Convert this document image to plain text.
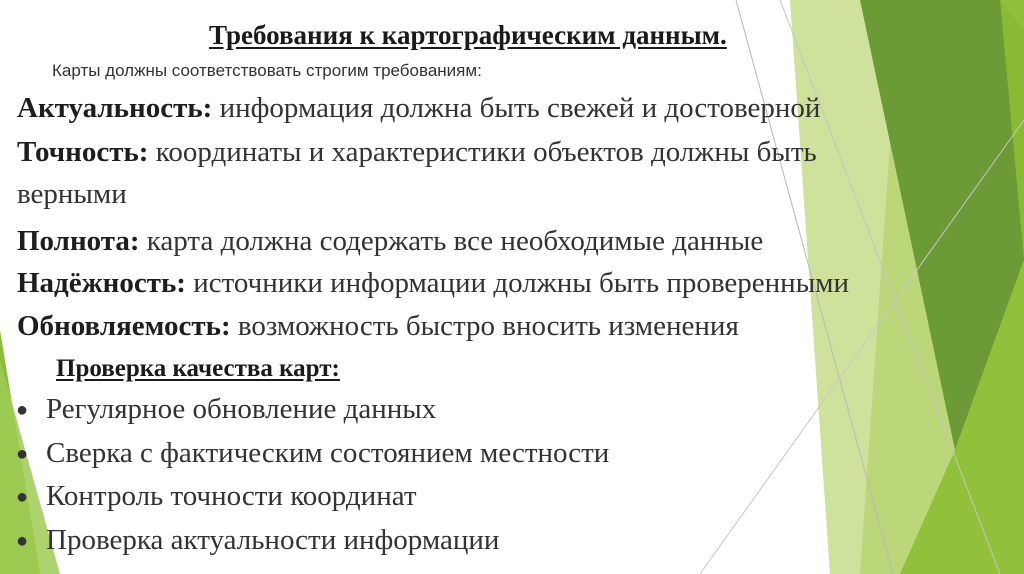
Требования к картографическим данным.
Карты должны соответствовать строгим требованиям:
Актуальность: информация должна быть свежей и достоверной
Точность: координаты и характеристики объектов должны быть
верными
Полнота: карта должна содержать все необходимые данные
Надёжность: источники информации должны быть проверенными
Обновляемость: возможность быстро вносить изменения
Проверка качества карт:
● Регулярное обновление данных
● Сверка с фактическим состоянием местности
● Контроль точности координат
● Проверка актуальности информации
